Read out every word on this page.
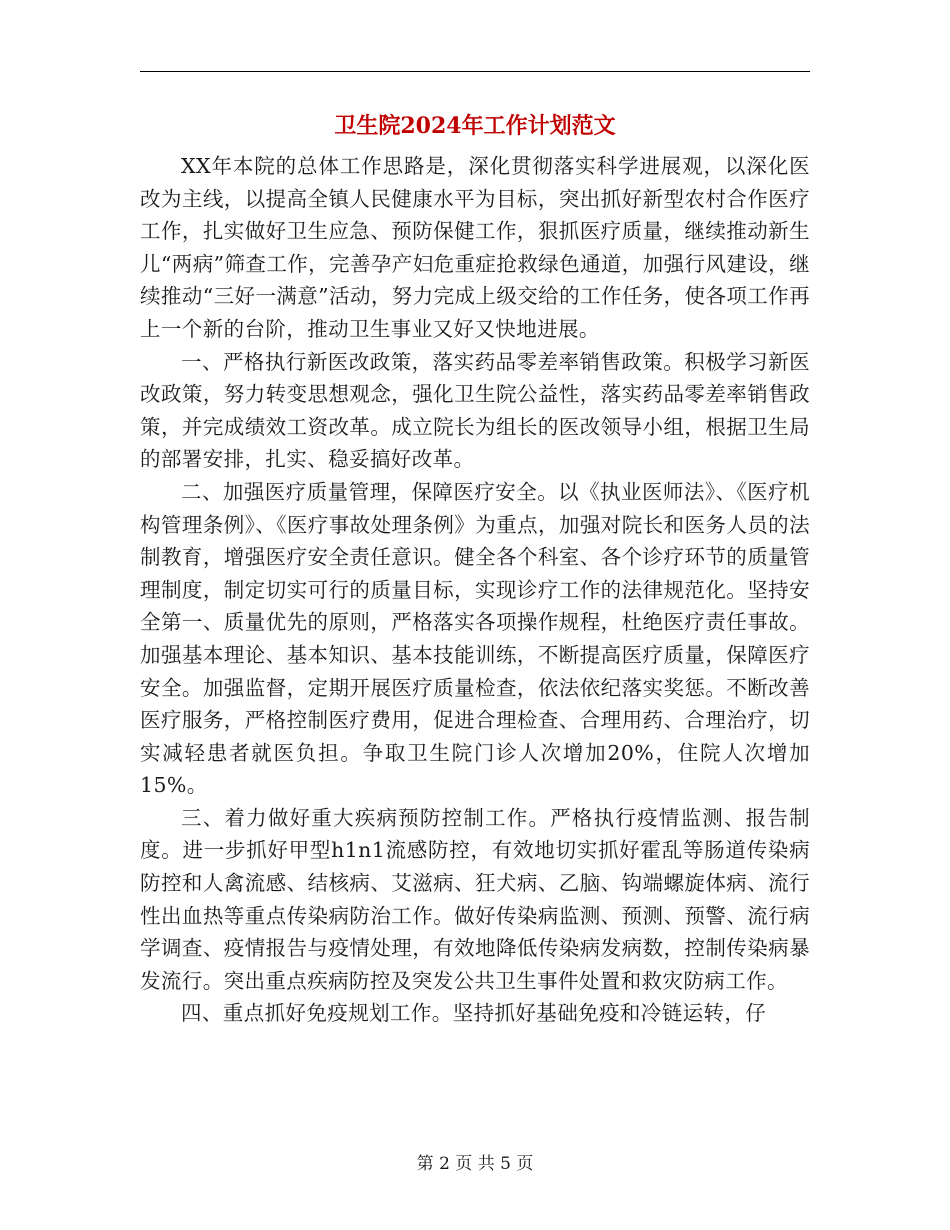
卫生院2024年工作计划范文

XX年本院的总体工作思路是，深化贯彻落实科学进展观，以深化医改为主线，以提高全镇人民健康水平为目标，突出抓好新型农村合作医疗工作，扎实做好卫生应急、预防保健工作，狠抓医疗质量，继续推动新生儿“两病”筛查工作，完善孕产妇危重症抢救绿色通道，加强行风建设，继续推动“三好一满意”活动，努力完成上级交给的工作任务，使各项工作再上一个新的台阶，推动卫生事业又好又快地进展。

一、严格执行新医改政策，落实药品零差率销售政策。积极学习新医改政策，努力转变思想观念，强化卫生院公益性，落实药品零差率销售政策，并完成绩效工资改革。成立院长为组长的医改领导小组，根据卫生局的部署安排，扎实、稳妥搞好改革。

二、加强医疗质量管理，保障医疗安全。以《执业医师法》、《医疗机构管理条例》、《医疗事故处理条例》为重点，加强对院长和医务人员的法制教育，增强医疗安全责任意识。健全各个科室、各个诊疗环节的质量管理制度，制定切实可行的质量目标，实现诊疗工作的法律规范化。坚持安全第一、质量优先的原则，严格落实各项操作规程，杜绝医疗责任事故。加强基本理论、基本知识、基本技能训练，不断提高医疗质量，保障医疗安全。加强监督，定期开展医疗质量检查，依法依纪落实奖惩。不断改善医疗服务，严格控制医疗费用，促进合理检查、合理用药、合理治疗，切实减轻患者就医负担。争取卫生院门诊人次增加20%，住院人次增加15%。

三、着力做好重大疾病预防控制工作。严格执行疫情监测、报告制度。进一步抓好甲型h1n1流感防控，有效地切实抓好霍乱等肠道传染病防控和人禽流感、结核病、艾滋病、狂犬病、乙脑、钩端螺旋体病、流行性出血热等重点传染病防治工作。做好传染病监测、预测、预警、流行病学调查、疫情报告与疫情处理，有效地降低传染病发病数，控制传染病暴发流行。突出重点疾病防控及突发公共卫生事件处置和救灾防病工作。

四、重点抓好免疫规划工作。坚持抓好基础免疫和冷链运转，仔

第 2 页 共 5 页
